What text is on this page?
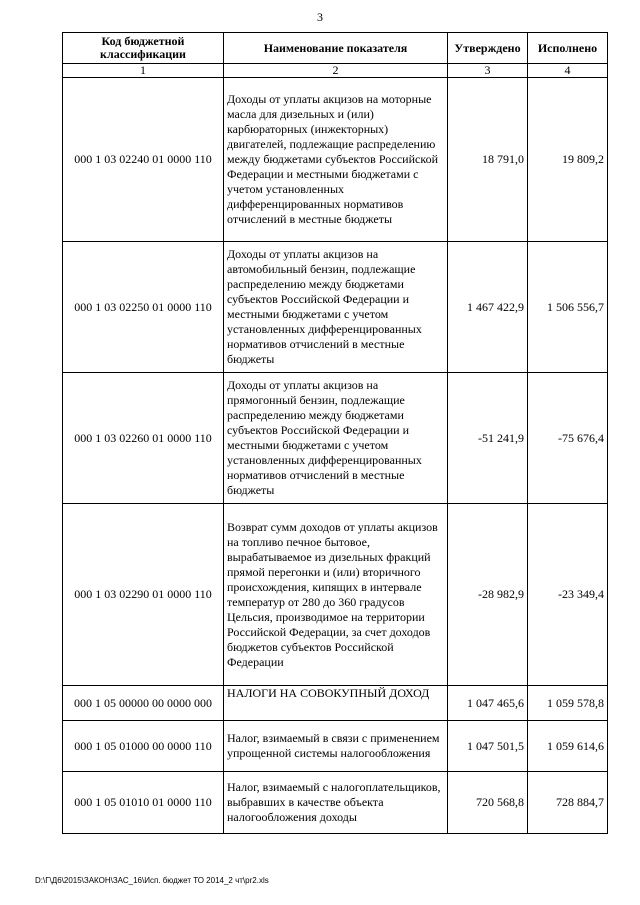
3
Код бюджетной классификации	Наименование показателя	Утверждено	Исполнено
1	2	3	4
000 1 03 02240 01 0000 110	Доходы от уплаты акцизов на моторные масла для дизельных и (или) карбюраторных (инжекторных) двигателей, подлежащие распределению между бюджетами субъектов Российской Федерации и местными бюджетами с учетом установленных дифференцированных нормативов отчислений в местные бюджеты	18 791,0	19 809,2
000 1 03 02250 01 0000 110	Доходы от уплаты акцизов на автомобильный бензин, подлежащие распределению между бюджетами субъектов Российской Федерации и местными бюджетами с учетом установленных дифференцированных нормативов отчислений в местные бюджеты	1 467 422,9	1 506 556,7
000 1 03 02260 01 0000 110	Доходы от уплаты акцизов на прямогонный бензин, подлежащие распределению между бюджетами субъектов Российской Федерации и местными бюджетами с учетом установленных дифференцированных нормативов отчислений в местные бюджеты	-51 241,9	-75 676,4
000 1 03 02290 01 0000 110	Возврат сумм доходов от уплаты акцизов на топливо печное бытовое, вырабатываемое из дизельных фракций прямой перегонки и (или) вторичного происхождения, кипящих в интервале температур от 280 до 360 градусов Цельсия, производимое на территории Российской Федерации, за счет доходов бюджетов субъектов Российской Федерации	-28 982,9	-23 349,4
000 1 05 00000 00 0000 000	НАЛОГИ НА СОВОКУПНЫЙ ДОХОД	1 047 465,6	1 059 578,8
000 1 05 01000 00 0000 110	Налог, взимаемый в связи с применением упрощенной системы налогообложения	1 047 501,5	1 059 614,6
000 1 05 01010 01 0000 110	Налог, взимаемый с налогоплательщиков, выбравших в качестве объекта налогообложения доходы	720 568,8	728 884,7
D:\Г\Д6\2015\ЗАКОН\ЗАС_16\Исп. бюджет ТО 2014_2 чт\pr2.xls
